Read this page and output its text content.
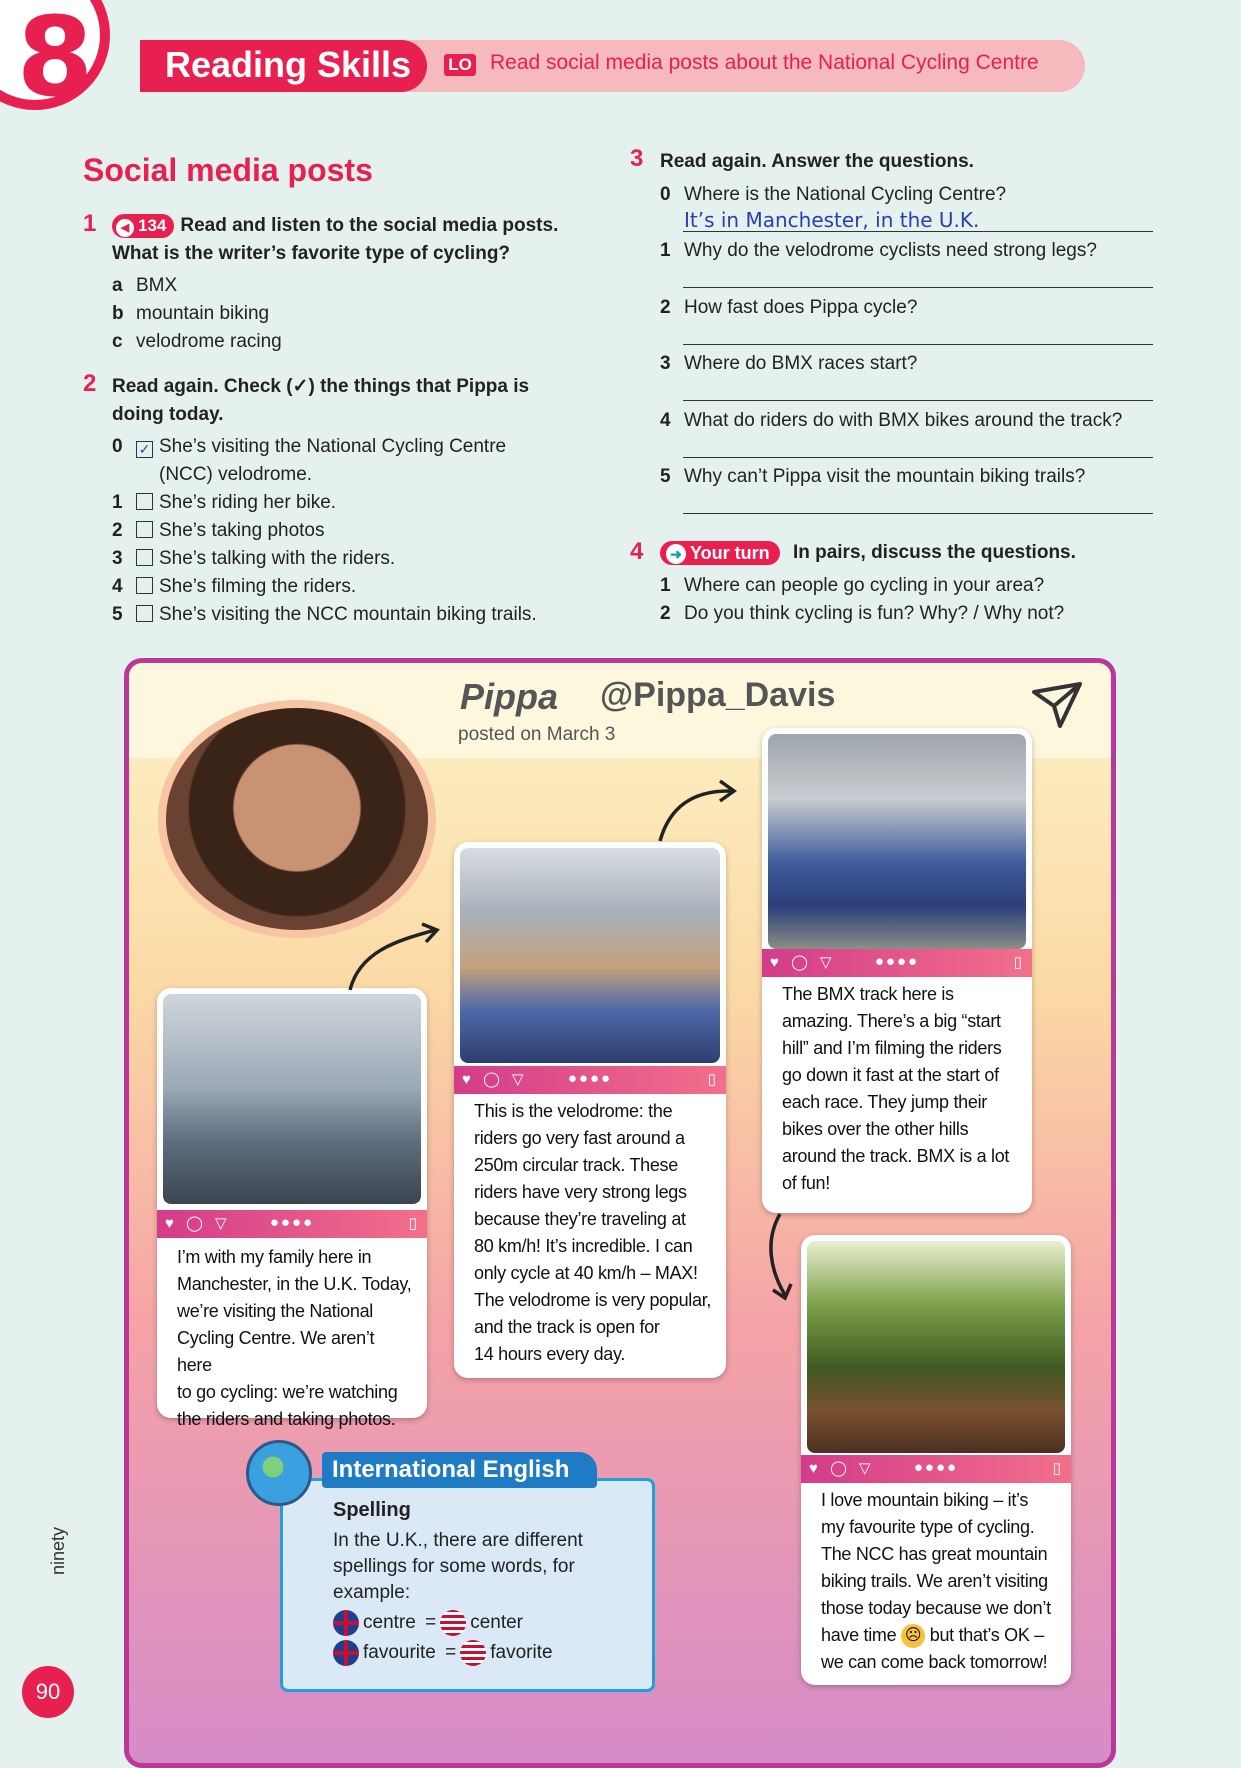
8	Reading Skills LO Read social media posts about the National Cycling Centre
Social media posts
1	◀ 134 Read and listen to the social media posts.
What is the writer’s favorite type of cycling?
a BMX
b mountain biking
c velodrome racing
2 Read again. Check (✓) the things that Pippa is
doing today.
0 ✓ She’s visiting the National Cycling Centre
(NCC) velodrome.
1 She’s riding her bike.
2 She’s taking photos
3 She’s talking with the riders.
4 She’s filming the riders.
5 She’s visiting the NCC mountain biking trails.
3 Read again. Answer the questions.
0 Where is the National Cycling Centre?
It’s in Manchester, in the U.K.
1 Why do the velodrome cyclists need strong legs?
2 How fast does Pippa cycle?
3 Where do BMX races start?
4 What do riders do with BMX bikes around the track?
5 Why can’t Pippa visit the mountain biking trails?
4	➜ Your turn In pairs, discuss the questions.
1 Where can people go cycling in your area?
2 Do you think cycling is fun? Why? / Why not?
Pippa @Pippa_Davis
posted on March 3
♥ ◯ ▽	●●●●	▯
I’m with my family here in
Manchester, in the U.K. Today,
we’re visiting the National
Cycling Centre. We aren’t here
to go cycling: we’re watching
the riders and taking photos.
♥ ◯ ▽	●●●●	▯
This is the velodrome: the
riders go very fast around a
250m circular track. These
riders have very strong legs
because they’re traveling at
80 km/h! It’s incredible. I can
only cycle at 40 km/h – MAX!
The velodrome is very popular,
and the track is open for
14 hours every day.
♥ ◯ ▽	●●●●	▯
The BMX track here is
amazing. There’s a big “start
hill” and I’m filming the riders
go down it fast at the start of
each race. They jump their
bikes over the other hills
around the track. BMX is a lot
of fun!
♥ ◯ ▽	●●●●	▯
I love mountain biking – it’s
my favourite type of cycling.
The NCC has great mountain
biking trails. We aren’t visiting
those today because we don’t
have time ☹ but that’s OK –
we can come back tomorrow!
International English
Spelling
In the U.K., there are different
spellings for some words, for
example:
centre = center
favourite = favorite
ninety
90
